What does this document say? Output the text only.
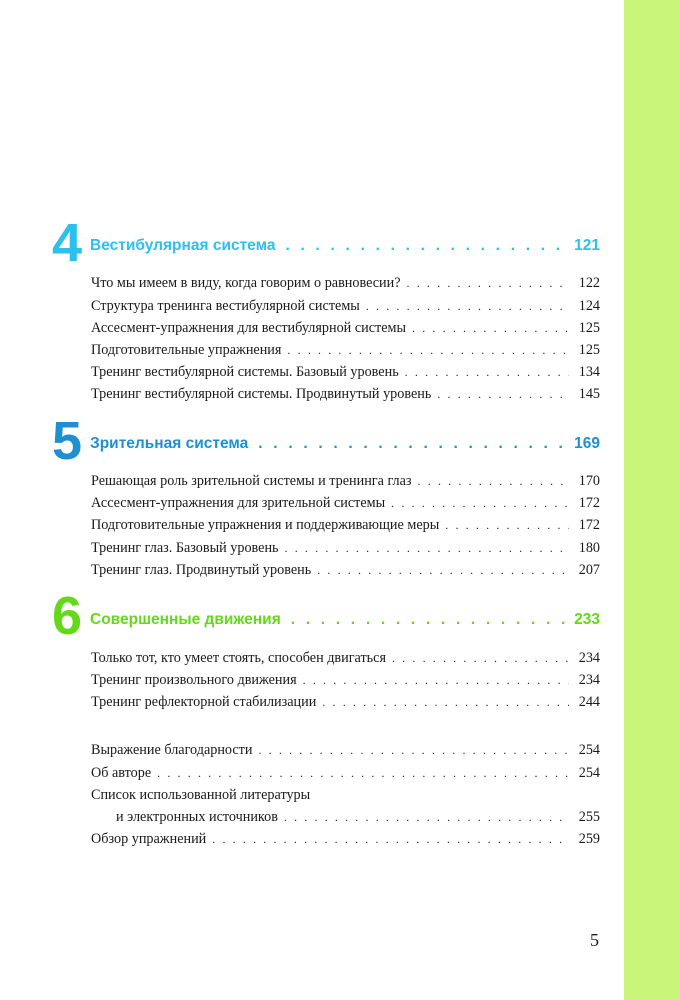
4 Вестибулярная система . . .	121
Что мы имеем в виду, когда говорим о равновесии? . . .	122
Структура тренинга вестибулярной системы . . .	124
Ассесмент-упражнения для вестибулярной системы . . .	125
Подготовительные упражнения . . .	125
Тренинг вестибулярной системы. Базовый уровень . . .	134
Тренинг вестибулярной системы. Продвинутый уровень . . .	145
5 Зрительная система . . .	169
Решающая роль зрительной системы и тренинга глаз . . .	170
Ассесмент-упражнения для зрительной системы . . .	172
Подготовительные упражнения и поддерживающие меры . . .	172
Тренинг глаз. Базовый уровень . . .	180
Тренинг глаз. Продвинутый уровень . . .	207
6 Совершенные движения . . .	233
Только тот, кто умеет стоять, способен двигаться . . .	234
Тренинг произвольного движения . . .	234
Тренинг рефлекторной стабилизации . . .	244
Выражение благодарности . . .	254
Об авторе . . .	254
Список использованной литературы
и электронных источников . . .	255
Обзор упражнений . . .	259
5
